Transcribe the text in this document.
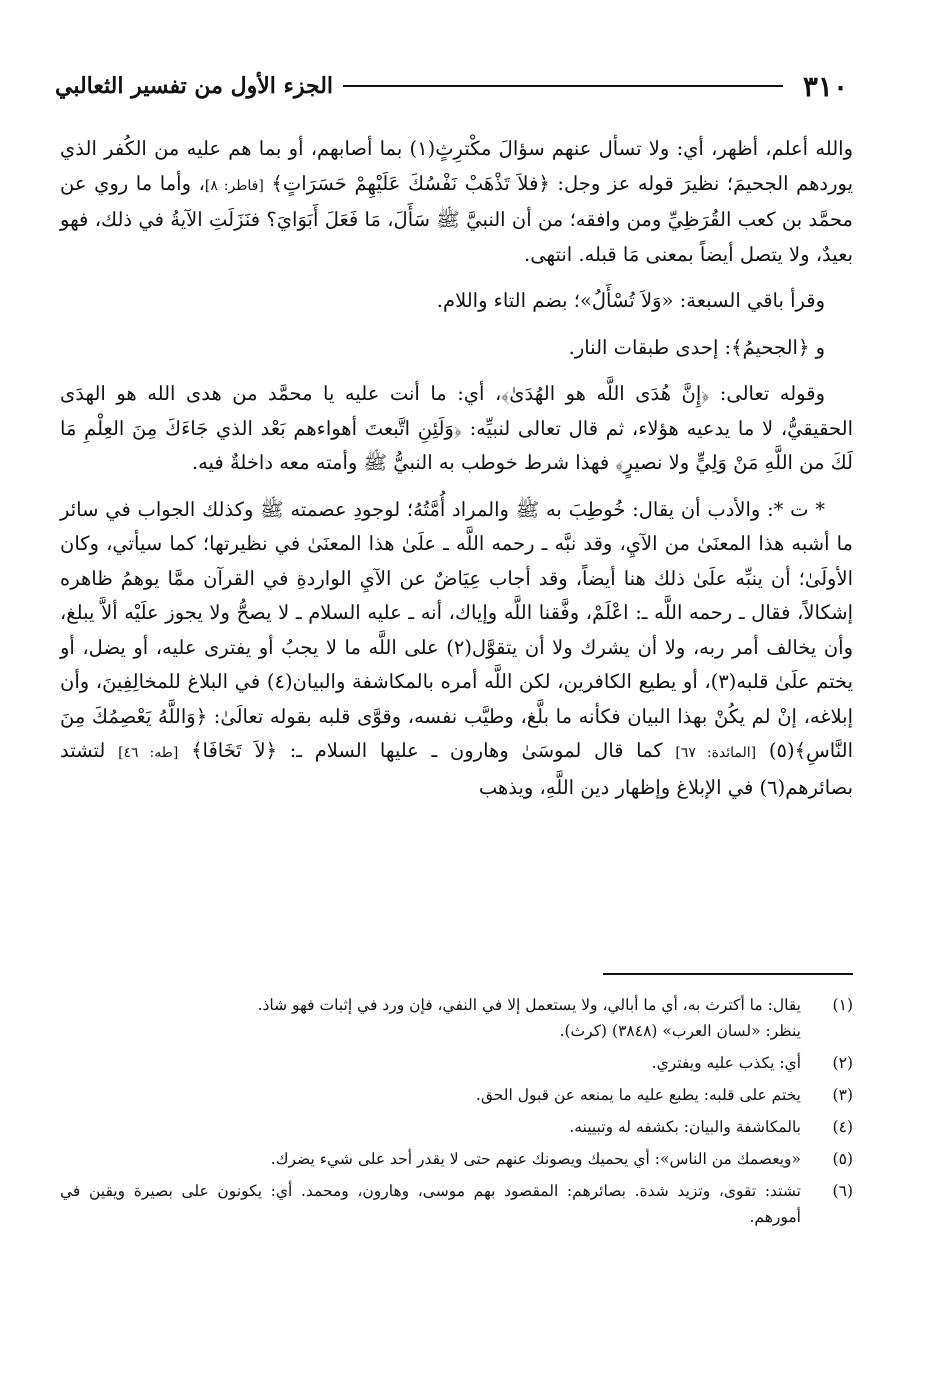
٣١٠
الجزء الأول من تفسير الثعالبي

والله أعلم، أظهر، أي: ولا تسأل عنهم سؤالَ مكْترِثٍ(١) بما أصابهم، أو بما هم عليه من الكُفر الذي يوردهم الجحيمَ؛ نظيرَ قوله عز وجل: ﴿فلاَ تَذْهَبْ نَفْسُكَ عَلَيْهِمْ حَسَرَاتٍ﴾ [فاطر: ٨]، وأما ما روي عن محمَّد بن كعب القُرَظِيِّ ومن وافقه؛ من أن النبيَّ ﷺ سَأَلَ، مَا فَعَلَ أَبَوَايَ؟ فنَزَلَتِ الآيةُ في ذلك، فهو بعيدٌ، ولا يتصل أيضاً بمعنى مَا قبله. انتهى.

وقرأ باقي السبعة: «وَلاَ تُسْأَلُ»؛ بضم التاء واللام.

و ﴿الجحيمُ﴾: إحدى طبقات النار.

وقوله تعالى: ﴿إِنَّ هُدَى اللَّه هو الهُدَىٰ﴾، أي: ما أنت عليه يا محمَّد من هدى الله هو الهدَى الحقيقيُّ، لا ما يدعيه هؤلاء، ثم قال تعالى لنبيِّه: ﴿وَلَئِنِ اتَّبعتَ أهواءهم بَعْد الذي جَاءَكَ مِنَ العِلْمِ مَا لَكَ من اللَّهِ مَنْ وَلِيٍّ ولا نصيرٍ﴾ فهذا شرط خوطب به النبيُّ ﷺ وأمته معه داخلةٌ فيه.

* ت *: والأدب أن يقال: خُوطِبَ به ﷺ والمراد أُمَّتُهُ؛ لوجودِ عصمته ﷺ وكذلك الجواب في سائر ما أشبه هذا المعنَىٰ من الآيِ، وقد نبَّه ـ رحمه اللَّه ـ علَىٰ هذا المعنَىٰ في نظيرتها؛ كما سيأتي، وكان الأولَىٰ؛ أن ينبِّه علَىٰ ذلك هنا أيضاً، وقد أجاب عِيَاضٌ عن الآيِ الواردةِ في القرآن ممَّا يوهمُ ظاهره إشكالاً، فقال ـ رحمه اللَّه ـ: اعْلَمْ، وفَّقنا اللَّه وإياك، أنه ـ عليه السلام ـ لا يصحُّ ولا يجوز علَيْه ألاَّ يبلغ، وأن يخالف أمر ربه، ولا أن يشرك ولا أن يتقوَّل(٢) على اللَّه ما لا يجبُ أو يفترى عليه، أو يضل، أو يختم علَىٰ قلبه(٣)، أو يطيع الكافرين، لكن اللَّه أمره بالمكاشفة والبيان(٤) في البلاغ للمخالِفِينَ، وأن إبلاغه، إنْ لم يكُنْ بهذا البيان فكأنه ما بلَّغ، وطيَّب نفسه، وقوَّى قلبه بقوله تعالَىٰ: ﴿وَاللَّهُ يَعْصِمُكَ مِنَ النَّاسِ﴾(٥) [المائدة: ٦٧] كما قال لموسَىٰ وهارون ـ عليها السلام ـ: ﴿لاَ تَخَافَا﴾ [طه: ٤٦] لتشتد بصائرهم(٦) في الإبلاغ وإظهار دين اللَّهِ، ويذهب

(١)
يقال: ما أكترث به، أي ما أبالي، ولا يستعمل إلا في النفي، فإن ورد في إثبات فهو شاذ.
ينظر: «لسان العرب» (٣٨٤٨) (كرث).
(٢)
أي: يكذب عليه ويفتري.
(٣)
يختم على قلبه: يطبع عليه ما يمنعه عن قبول الحق.
(٤)
بالمكاشفة والبيان: بكشفه له وتبيينه.
(٥)
«ويعصمك من الناس»: أي يحميك ويصونك عنهم حتى لا يقدر أحد على شيء يضرك.
(٦)
تشتد: تقوى، وتزيد شدة. بصائرهم: المقصود بهم موسى، وهارون، ومحمد. أي: يكونون على بصيرة ويقين في أمورهم.
